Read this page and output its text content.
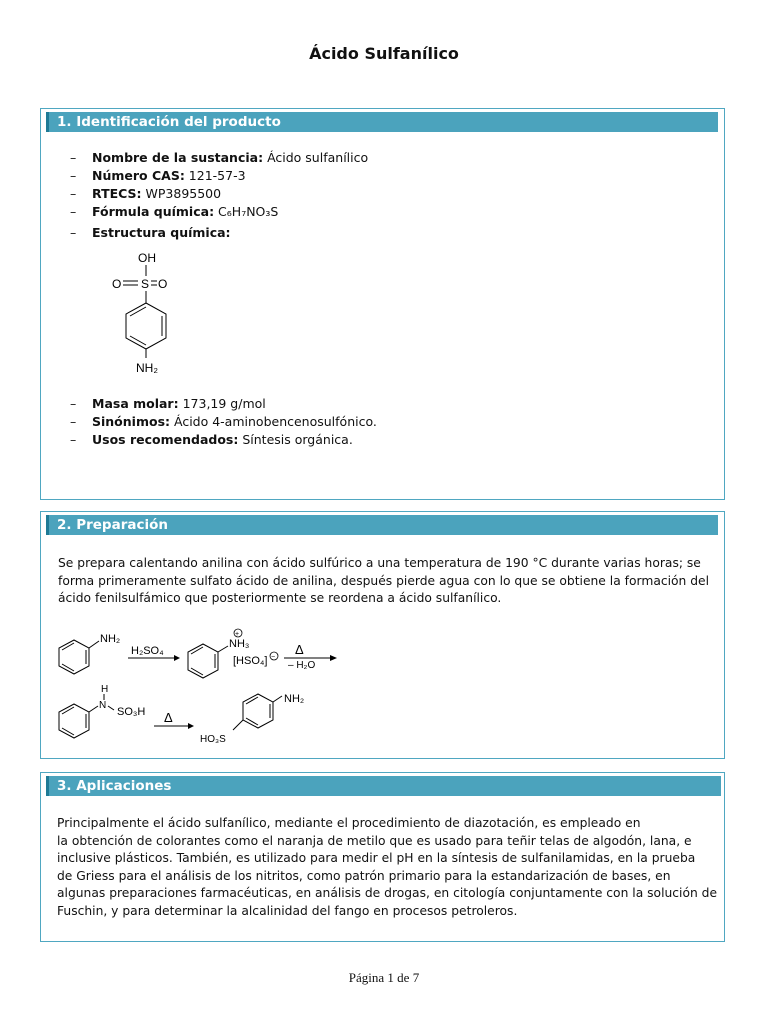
Ácido Sulfanílico
1. Identificación del producto
– Nombre de la sustancia: Ácido sulfanílico
– Número CAS: 121-57-3
– RTECS: WP3895500
– Fórmula química: C₆H₇NO₃S
– Estructura química:
OH
O S O
NH₂
– Masa molar: 173,19 g/mol
– Sinónimos: Ácido 4-aminobencenosulfónico.
– Usos recomendados: Síntesis orgánica.
2. Preparación
Se prepara calentando anilina con ácido sulfúrico a una temperatura de 190 °C durante varias horas; se
forma primeramente sulfato ácido de anilina, después pierde agua con lo que se obtiene la formación del
ácido fenilsulfámico que posteriormente se reordena a ácido sulfanílico.
NH₂
H₂SO₄
+
NH₃
[HSO₄] −
Δ
– H₂O
H
N
SO₃H Δ
NH₂
HO₃S
3. Aplicaciones
Principalmente el ácido sulfanílico, mediante el procedimiento de diazotación, es empleado en
la obtención de colorantes como el naranja de metilo que es usado para teñir telas de algodón, lana, e
inclusive plásticos. También, es utilizado para medir el pH en la síntesis de sulfanilamidas, en la prueba
de Griess para el análisis de los nitritos, como patrón primario para la estandarización de bases, en
algunas preparaciones farmacéuticas, en análisis de drogas, en citología conjuntamente con la solución de
Fuschin, y para determinar la alcalinidad del fango en procesos petroleros.
Página 1 de 7
